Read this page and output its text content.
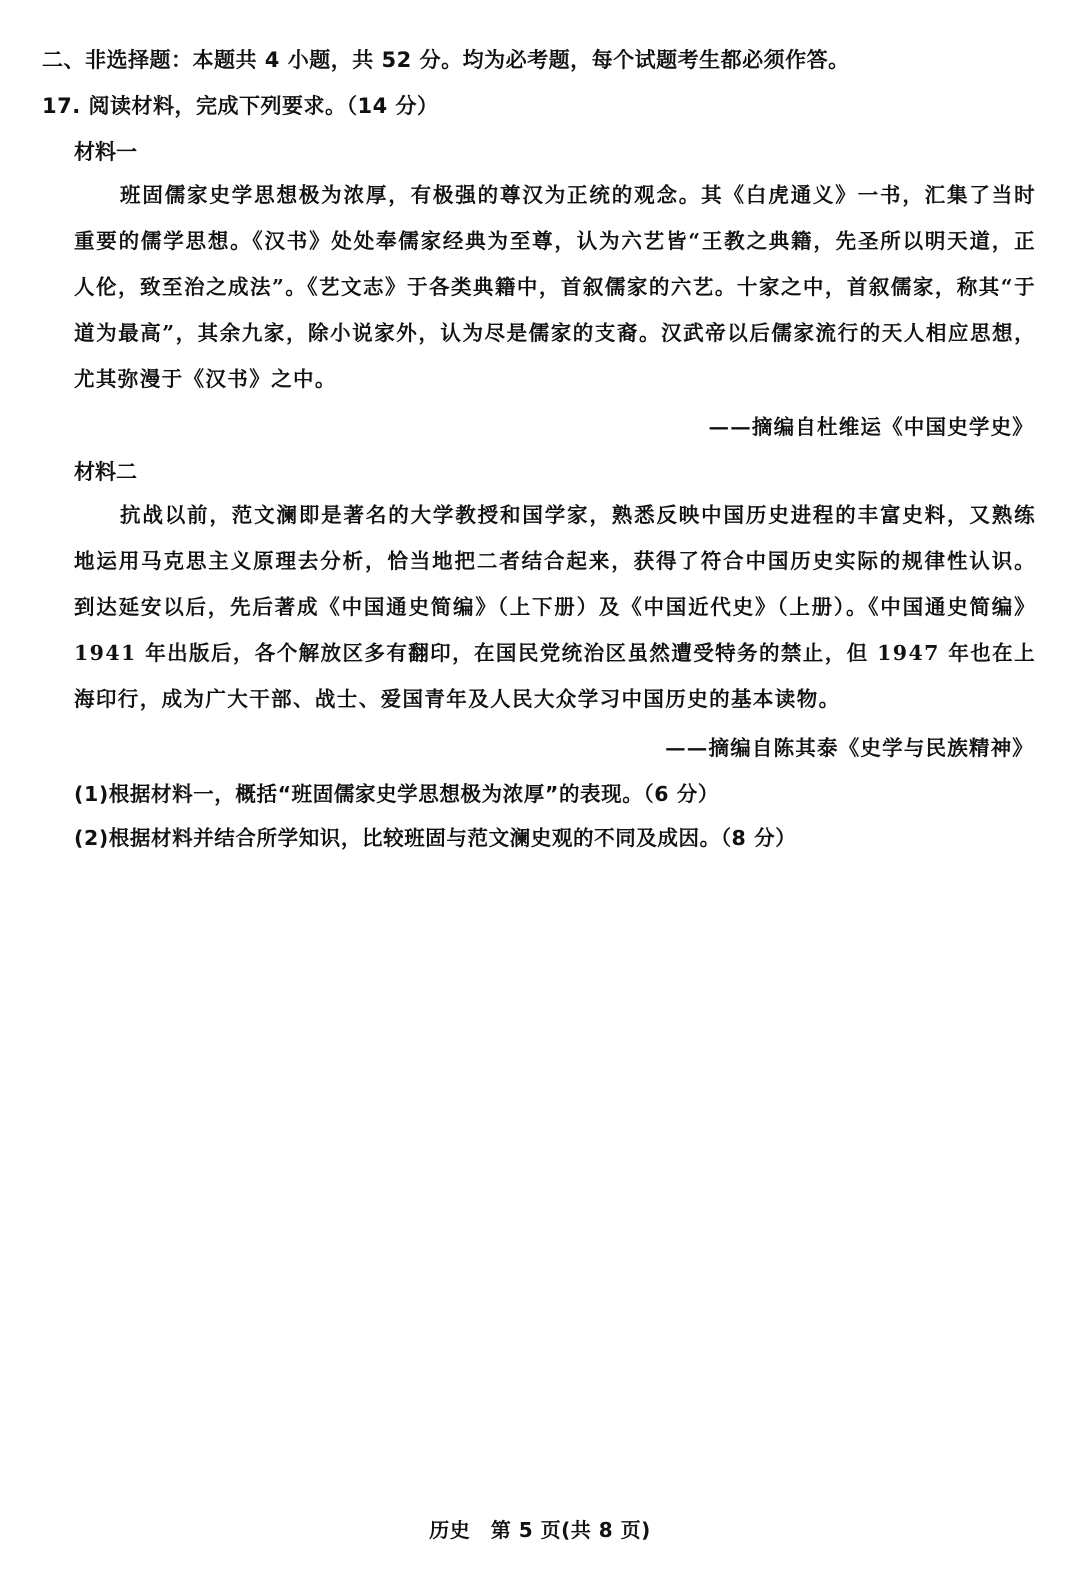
二、非选择题：本题共 4 小题，共 52 分。均为必考题，每个试题考生都必须作答。
17. 阅读材料，完成下列要求。（14 分）
材料一

班固儒家史学思想极为浓厚，有极强的尊汉为正统的观念。其《白虎通义》一书，汇集了当时重要的儒学思想。《汉书》处处奉儒家经典为至尊，认为六艺皆“王教之典籍，先圣所以明天道，正人伦，致至治之成法”。《艺文志》于各类典籍中，首叙儒家的六艺。十家之中，首叙儒家，称其“于道为最高”，其余九家，除小说家外，认为尽是儒家的支裔。汉武帝以后儒家流行的天人相应思想，尤其弥漫于《汉书》之中。

——摘编自杜维运《中国史学史》
材料二

抗战以前，范文澜即是著名的大学教授和国学家，熟悉反映中国历史进程的丰富史料，又熟练地运用马克思主义原理去分析，恰当地把二者结合起来，获得了符合中国历史实际的规律性认识。到达延安以后，先后著成《中国通史简编》（上下册）及《中国近代史》（上册）。《中国通史简编》1941 年出版后，各个解放区多有翻印，在国民党统治区虽然遭受特务的禁止，但 1947 年也在上海印行，成为广大干部、战士、爱国青年及人民大众学习中国历史的基本读物。

——摘编自陈其泰《史学与民族精神》
(1)根据材料一，概括“班固儒家史学思想极为浓厚”的表现。（6 分）
(2)根据材料并结合所学知识，比较班固与范文澜史观的不同及成因。（8 分）
历史　第 5 页(共 8 页)
